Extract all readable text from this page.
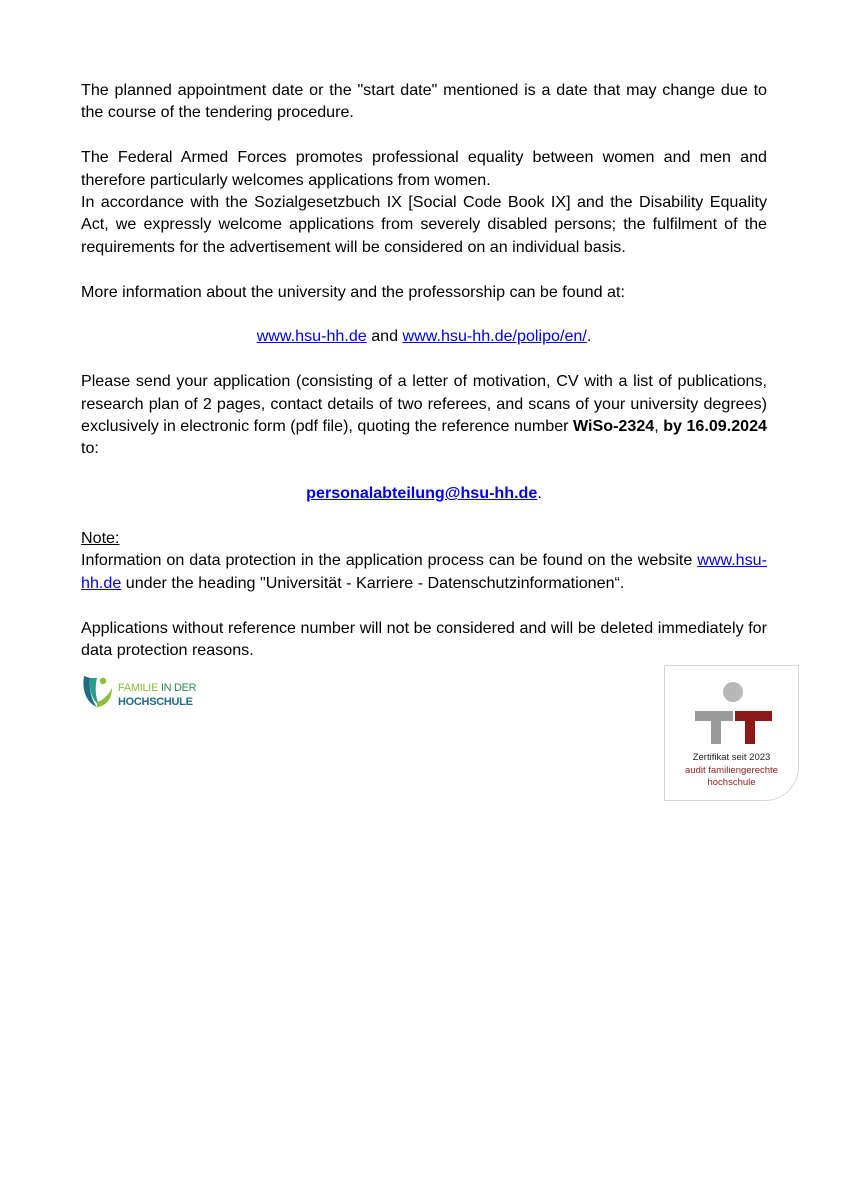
The planned appointment date or the "start date" mentioned is a date that may change due to the course of the tendering procedure.

The Federal Armed Forces promotes professional equality between women and men and therefore particularly welcomes applications from women.

In accordance with the Sozialgesetzbuch IX [Social Code Book IX] and the Disability Equality Act, we expressly welcome applications from severely disabled persons; the fulfilment of the requirements for the advertisement will be considered on an individual basis.

More information about the university and the professorship can be found at:

www.hsu-hh.de and www.hsu-hh.de/polipo/en/.

Please send your application (consisting of a letter of motivation, CV with a list of publications, research plan of 2 pages, contact details of two referees, and scans of your university degrees) exclusively in electronic form (pdf file), quoting the reference number WiSo-2324, by 16.09.2024 to:

personalabteilung@hsu-hh.de.

Note:

Information on data protection in the application process can be found on the website www.hsu-hh.de under the heading "Universität - Karriere - Datenschutzinformationen“.

Applications without reference number will not be considered and will be deleted immediately for data protection reasons.

FAMILIE IN DER
HOCHSCHULE
Zertifikat seit 2023
audit familiengerechte
hochschule
